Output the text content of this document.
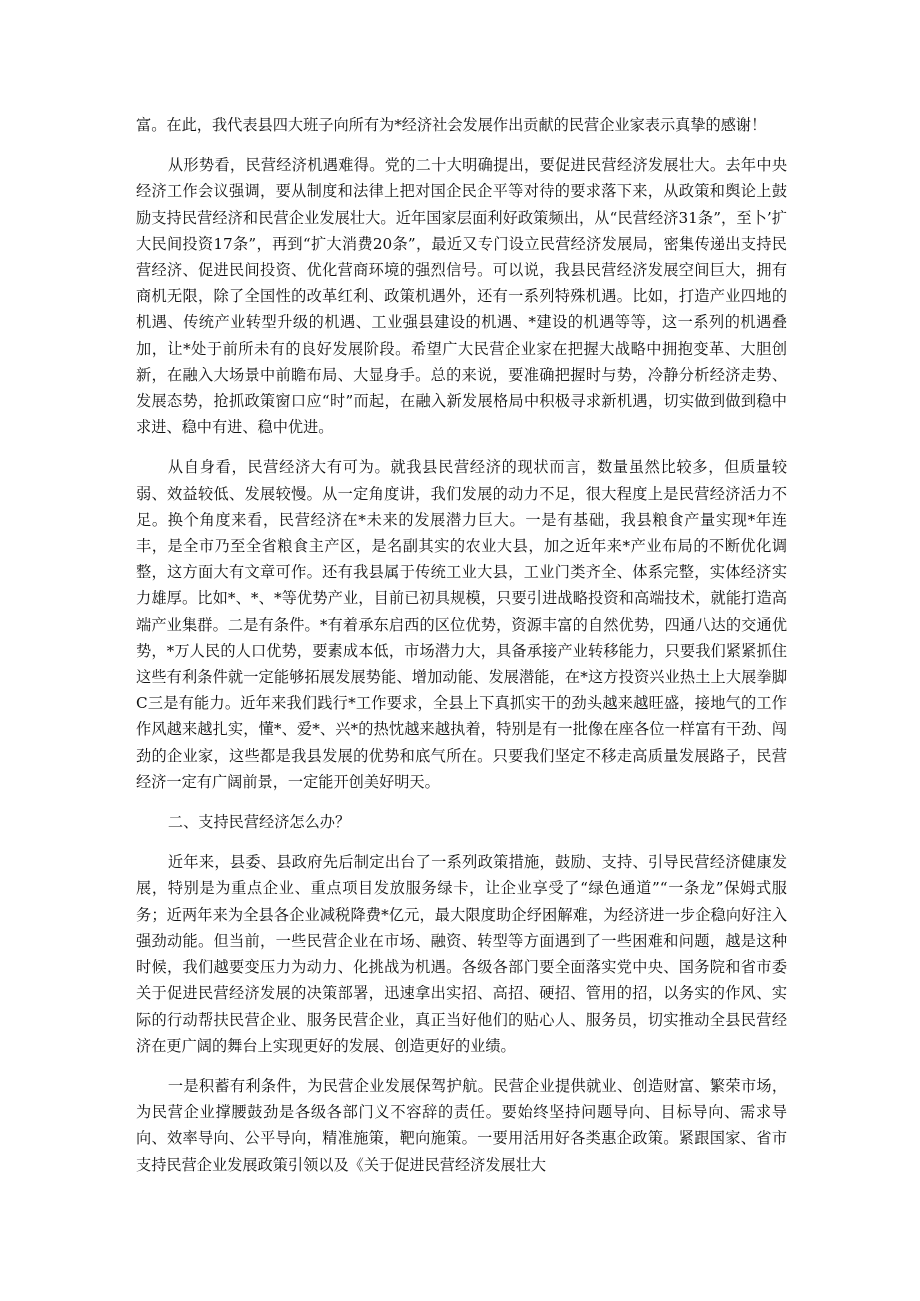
富。在此，我代表县四大班子向所有为*经济社会发展作出贡献的民营企业家表示真挚的感谢！

从形势看，民营经济机遇难得。党的二十大明确提出，要促进民营经济发展壮大。去年中央经济工作会议强调，要从制度和法律上把对国企民企平等对待的要求落下来，从政策和舆论上鼓励支持民营经济和民营企业发展壮大。近年国家层面利好政策频出，从“民营经济31条”，至卜’扩大民间投资17条”，再到“扩大消费20条”，最近又专门设立民营经济发展局，密集传递出支持民营经济、促进民间投资、优化营商环境的强烈信号。可以说，我县民营经济发展空间巨大，拥有商机无限，除了全国性的改革红利、政策机遇外，还有一系列特殊机遇。比如，打造产业四地的机遇、传统产业转型升级的机遇、工业强县建设的机遇、*建设的机遇等等，这一系列的机遇叠加，让*处于前所未有的良好发展阶段。希望广大民营企业家在把握大战略中拥抱变革、大胆创新，在融入大场景中前瞻布局、大显身手。总的来说，要准确把握时与势，冷静分析经济走势、发展态势，抢抓政策窗口应“时”而起，在融入新发展格局中积极寻求新机遇，切实做到做到稳中求进、稳中有进、稳中优进。

从自身看，民营经济大有可为。就我县民营经济的现状而言，数量虽然比较多，但质量较弱、效益较低、发展较慢。从一定角度讲，我们发展的动力不足，很大程度上是民营经济活力不足。换个角度来看，民营经济在*未来的发展潜力巨大。一是有基础，我县粮食产量实现*年连丰，是全市乃至全省粮食主产区，是名副其实的农业大县，加之近年来*产业布局的不断优化调整，这方面大有文章可作。还有我县属于传统工业大县，工业门类齐全、体系完整，实体经济实力雄厚。比如*、*、*等优势产业，目前已初具规模，只要引进战略投资和高端技术，就能打造高端产业集群。二是有条件。*有着承东启西的区位优势，资源丰富的自然优势，四通八达的交通优势，*万人民的人口优势，要素成本低，市场潜力大，具备承接产业转移能力，只要我们紧紧抓住这些有利条件就一定能够拓展发展势能、增加动能、发展潜能，在*这方投资兴业热土上大展拳脚C三是有能力。近年来我们践行*工作要求，全县上下真抓实干的劲头越来越旺盛，接地气的工作作风越来越扎实，懂*、爱*、兴*的热忱越来越执着，特别是有一批像在座各位一样富有干劲、闯劲的企业家，这些都是我县发展的优势和底气所在。只要我们坚定不移走高质量发展路子，民营经济一定有广阔前景，一定能开创美好明天。

二、支持民营经济怎么办？

近年来，县委、县政府先后制定出台了一系列政策措施，鼓励、支持、引导民营经济健康发展，特别是为重点企业、重点项目发放服务绿卡，让企业享受了“绿色通道”“一条龙”保姆式服务；近两年来为全县各企业减税降费*亿元，最大限度助企纾困解难，为经济进一步企稳向好注入强劲动能。但当前，一些民营企业在市场、融资、转型等方面遇到了一些困难和问题，越是这种时候，我们越要变压力为动力、化挑战为机遇。各级各部门要全面落实党中央、国务院和省市委关于促进民营经济发展的决策部署，迅速拿出实招、高招、硬招、管用的招，以务实的作风、实际的行动帮扶民营企业、服务民营企业，真正当好他们的贴心人、服务员，切实推动全县民营经济在更广阔的舞台上实现更好的发展、创造更好的业绩。

一是积蓄有利条件，为民营企业发展保驾护航。民营企业提供就业、创造财富、繁荣市场，为民营企业撑腰鼓劲是各级各部门义不容辞的责任。要始终坚持问题导向、目标导向、需求导向、效率导向、公平导向，精准施策，靶向施策。一要用活用好各类惠企政策。紧跟国家、省市支持民营企业发展政策引领以及《关于促进民营经济发展壮大
